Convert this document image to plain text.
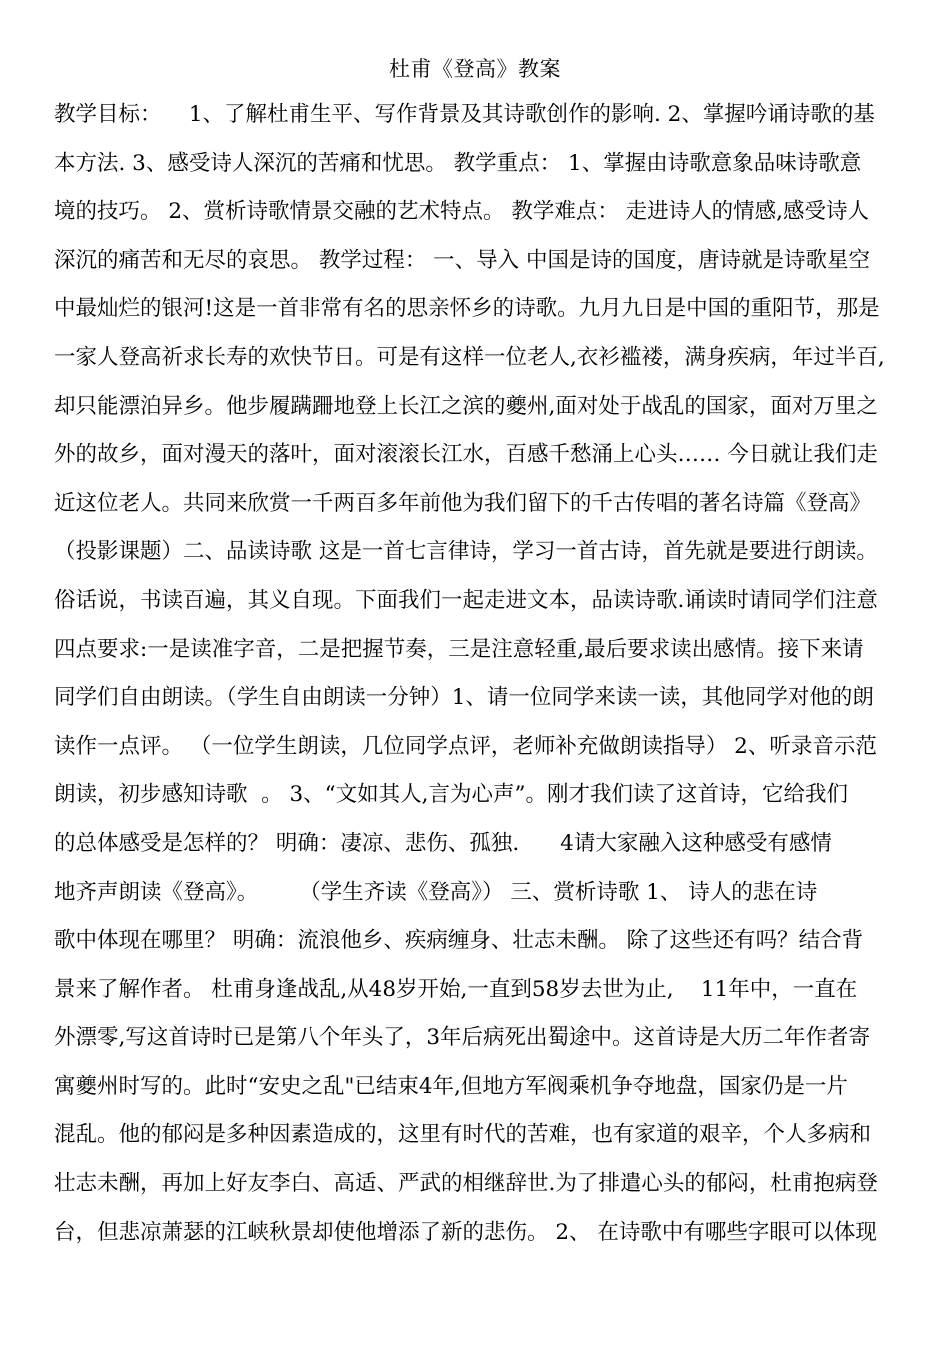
杜甫《登高》教案
教学目标：    1、了解杜甫生平、写作背景及其诗歌创作的影响. 2、掌握吟诵诗歌的基
本方法. 3、感受诗人深沉的苦痛和忧思。 教学重点： 1、掌握由诗歌意象品味诗歌意
境的技巧。 2、赏析诗歌情景交融的艺术特点。 教学难点： 走进诗人的情感,感受诗人
深沉的痛苦和无尽的哀思。 教学过程： 一、导入 中国是诗的国度，唐诗就是诗歌星空
中最灿烂的银河!这是一首非常有名的思亲怀乡的诗歌。九月九日是中国的重阳节，那是
一家人登高祈求长寿的欢快节日。可是有这样一位老人,衣衫褴褛，满身疾病，年过半百,
却只能漂泊异乡。他步履蹒跚地登上长江之滨的夔州,面对处于战乱的国家，面对万里之
外的故乡，面对漫天的落叶，面对滚滚长江水，百感千愁涌上心头…… 今日就让我们走
近这位老人。共同来欣赏一千两百多年前他为我们留下的千古传唱的著名诗篇《登高》
（投影课题）二、品读诗歌 这是一首七言律诗，学习一首古诗，首先就是要进行朗读。
俗话说，书读百遍，其义自现。下面我们一起走进文本，品读诗歌.诵读时请同学们注意
四点要求:一是读准字音，二是把握节奏，三是注意轻重,最后要求读出感情。接下来请
同学们自由朗读。（学生自由朗读一分钟）1、请一位同学来读一读，其他同学对他的朗
读作一点评。 （一位学生朗读，几位同学点评，老师补充做朗读指导） 2、听录音示范
朗读，初步感知诗歌  。 3、“文如其人,言为心声”。刚才我们读了这首诗，它给我们
的总体感受是怎样的？ 明确：凄凉、悲伤、孤独.      4请大家融入这种感受有感情
地齐声朗读《登高》。      （学生齐读《登高》） 三、赏析诗歌 1、 诗人的悲在诗
歌中体现在哪里？ 明确：流浪他乡、疾病缠身、壮志未酬。 除了这些还有吗？结合背
景来了解作者。 杜甫身逢战乱,从48岁开始,一直到58岁去世为止,    11年中，一直在
外漂零,写这首诗时已是第八个年头了，3年后病死出蜀途中。这首诗是大历二年作者寄
寓夔州时写的。此时“安史之乱"已结束4年,但地方军阀乘机争夺地盘，国家仍是一片
混乱。他的郁闷是多种因素造成的，这里有时代的苦难，也有家道的艰辛，个人多病和
壮志未酬，再加上好友李白、高适、严武的相继辞世.为了排遣心头的郁闷，杜甫抱病登
台，但悲凉萧瑟的江峡秋景却使他增添了新的悲伤。 2、 在诗歌中有哪些字眼可以体现
